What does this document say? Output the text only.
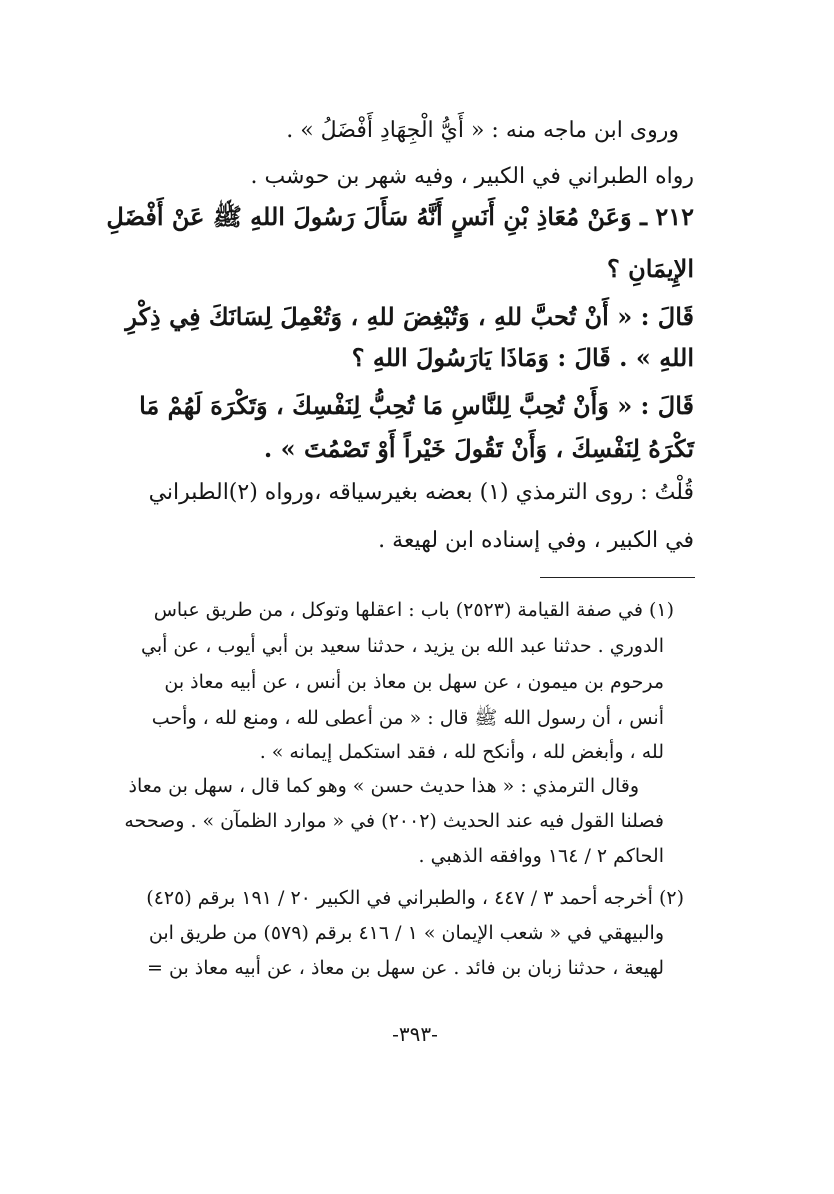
وروى ابن ماجه منه : « أَيُّ الْجِهَادِ أَفْضَلُ » .
رواه الطبراني في الكبير ، وفيه شهر بن حوشب .
٢١٢ ـ وَعَنْ مُعَاذِ بْنِ أَنَسٍ أَنَّهُ سَأَلَ رَسُولَ اللهِ ﷺ عَنْ أَفْضَلِ
الإِيمَانِ ؟
قَالَ : « أَنْ تُحبَّ للهِ ، وَتُبْغِضَ للهِ ، وَتُعْمِلَ لِسَانَكَ فِي ذِكْرِ
اللهِ » . قَالَ : وَمَاذَا يَارَسُولَ اللهِ ؟
قَالَ : « وَأَنْ تُحِبَّ لِلنَّاسِ مَا تُحِبُّ لِنَفْسِكَ ، وَتَكْرَهَ لَهُمْ مَا
تَكْرَهُ لِنَفْسِكَ ، وَأَنْ تَقُولَ خَيْراً أَوْ تَصْمُتَ » .
قُلْتُ : روى الترمذي (١) بعضه بغيرسياقه ،ورواه (٢)الطبراني
في الكبير ، وفي إسناده ابن لهيعة .
(١) في صفة القيامة (٢٥٢٣) باب : اعقلها وتوكل ، من طريق عباس
الدوري . حدثنا عبد الله بن يزيد ، حدثنا سعيد بن أبي أيوب ، عن أبي
مرحوم بن ميمون ، عن سهل بن معاذ بن أنس ، عن أبيه معاذ بن
أنس ، أن رسول الله ﷺ قال : « من أعطى لله ، ومنع لله ، وأحب
لله ، وأبغض لله ، وأنكح لله ، فقد استكمل إيمانه » .
وقال الترمذي : « هذا حديث حسن » وهو كما قال ، سهل بن معاذ
فصلنا القول فيه عند الحديث (٢٠٠٢) في « موارد الظمآن » . وصححه
الحاكم ٢ / ١٦٤ ووافقه الذهبي .
(٢) أخرجه أحمد ٣ / ٤٤٧ ، والطبراني في الكبير ٢٠ / ١٩١ برقم (٤٢٥)
والبيهقي في « شعب الإيمان » ١ / ٤١٦ برقم (٥٧٩) من طريق ابن
لهيعة ، حدثنا زبان بن فائد . عن سهل بن معاذ ، عن أبيه معاذ بن =
-٣٩٣-
